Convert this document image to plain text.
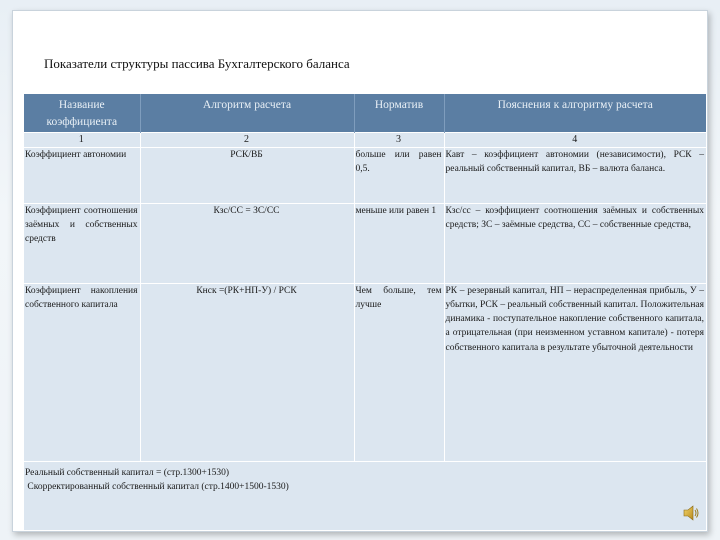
Показатели структуры пассива Бухгалтерского баланса
Название коэффициента	Алгоритм расчета	Норматив	Пояснения к алгоритму расчета
1	2	3	4
Коэффициент автономии	РСК/ВБ	больше или равен 0,5.	Кавт – коэффициент автономии (независимости), РСК – реальный собственный капитал, ВБ – валюта баланса.
Коэффициент соотношения заёмных и собственных средств	Кзс/СС = ЗС/СС	меньше или равен 1	Кзс/сс – коэффициент соотношения заёмных и собственных средств; ЗС – заёмные средства, СС – собственные средства,
Коэффициент накопления собственного капитала	Кнск =(РК+НП-У) / РСК	Чем больше, тем лучше	РК – резервный капитал, НП – нераспределенная прибыль, У – убытки, РСК – реальный собственный капитал. Положительная динамика - поступательное накопление собственного капитала, а отрицательная (при неизменном уставном капитале) - потеря собственного капитала в результате убыточной деятельности

Реальный собственный капитал = (стр.1300+1530)
Скорректированный собственный капитал (стр.1400+1500-1530)			
